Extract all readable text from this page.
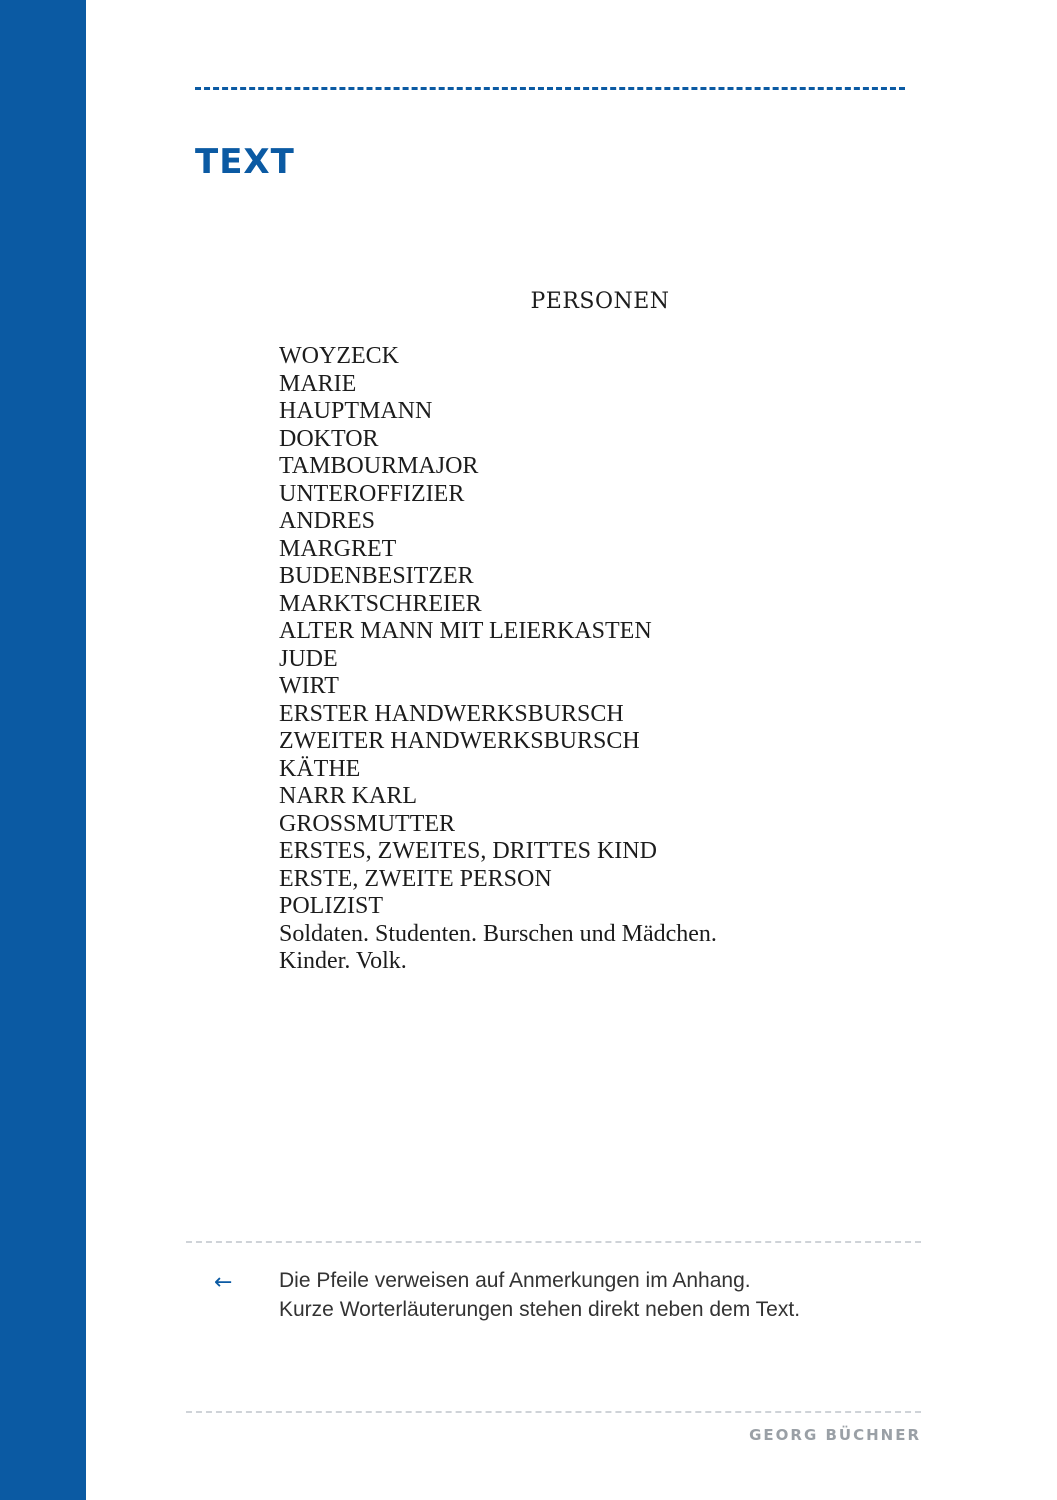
TEXT
PERSONEN
WOYZECK
MARIE
HAUPTMANN
DOKTOR
TAMBOURMAJOR
UNTEROFFIZIER
ANDRES
MARGRET
BUDENBESITZER
MARKTSCHREIER
ALTER MANN MIT LEIERKASTEN
JUDE
WIRT
ERSTER HANDWERKSBURSCH
ZWEITER HANDWERKSBURSCH
KÄTHE
NARR KARL
GROSSMUTTER
ERSTES, ZWEITES, DRITTES KIND
ERSTE, ZWEITE PERSON
POLIZIST
Soldaten. Studenten. Burschen und Mädchen.
Kinder. Volk.
← Die Pfeile verweisen auf Anmerkungen im Anhang.
Kurze Worterläuterungen stehen direkt neben dem Text.
GEORG BÜCHNER
